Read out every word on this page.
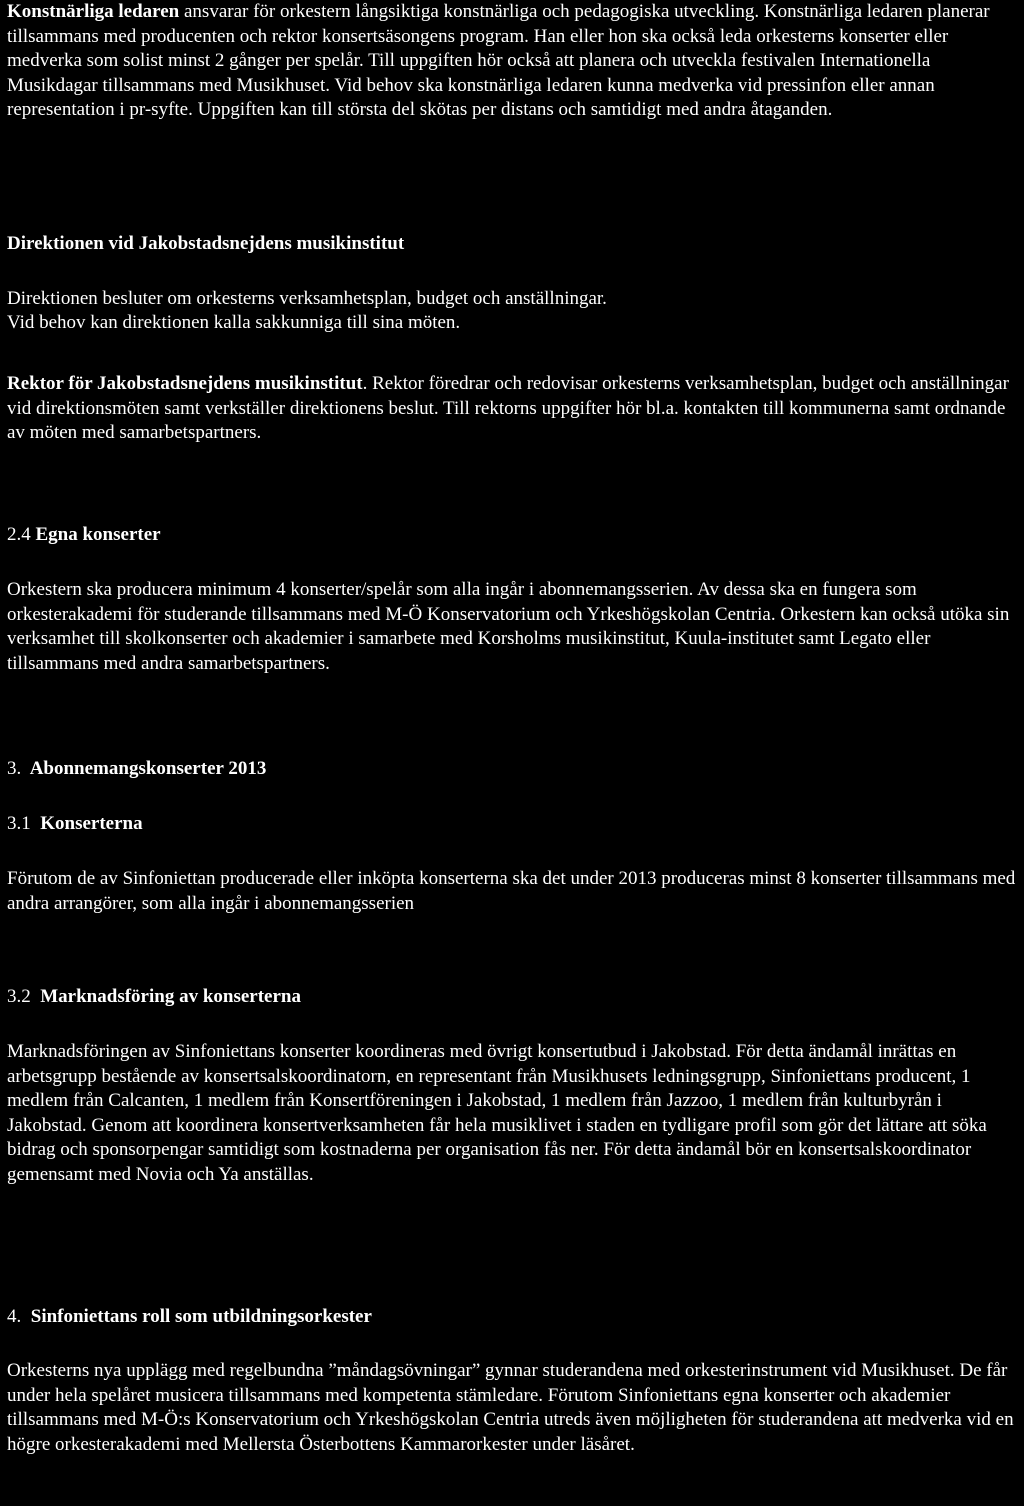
Konstnärliga ledaren ansvarar för orkestern långsiktiga konstnärliga och pedagogiska utveckling. Konstnärliga ledaren planerar tillsammans med producenten och rektor konsertsäsongens program. Han eller hon ska också leda orkesterns konserter eller medverka som solist minst 2 gånger per spelår. Till uppgiften hör också att planera och utveckla festivalen Internationella Musikdagar tillsammans med Musikhuset. Vid behov ska konstnärliga ledaren kunna medverka vid pressinfon eller annan representation i pr-syfte. Uppgiften kan till största del skötas per distans och samtidigt med andra åtaganden.

Direktionen vid Jakobstadsnejdens musikinstitut

Direktionen besluter om orkesterns verksamhetsplan, budget och anställningar.

Vid behov kan direktionen kalla sakkunniga till sina möten.

Rektor för Jakobstadsnejdens musikinstitut. Rektor föredrar och redovisar orkesterns verksamhetsplan, budget och anställningar vid direktionsmöten samt verkställer direktionens beslut. Till rektorns uppgifter hör bl.a. kontakten till kommunerna samt ordnande av möten med samarbetspartners.

2.4 Egna konserter

Orkestern ska producera minimum 4 konserter/spelår som alla ingår i abonnemangsserien. Av dessa ska en fungera som orkesterakademi för studerande tillsammans med M-Ö Konservatorium och Yrkeshögskolan Centria. Orkestern kan också utöka sin verksamhet till skolkonserter och akademier i samarbete med Korsholms musikinstitut, Kuula-institutet samt Legato eller tillsammans med andra samarbetspartners.

3. Abonnemangskonserter 2013

3.1 Konserterna

Förutom de av Sinfoniettan producerade eller inköpta konserterna ska det under 2013 produceras minst 8 konserter tillsammans med andra arrangörer, som alla ingår i abonnemangsserien

3.2 Marknadsföring av konserterna

Marknadsföringen av Sinfoniettans konserter koordineras med övrigt konsertutbud i Jakobstad. För detta ändamål inrättas en arbetsgrupp bestående av konsertsalskoordinatorn, en representant från Musikhusets ledningsgrupp, Sinfoniettans producent, 1 medlem från Calcanten, 1 medlem från Konsertföreningen i Jakobstad, 1 medlem från Jazzoo, 1 medlem från kulturbyrån i Jakobstad. Genom att koordinera konsertverksamheten får hela musiklivet i staden en tydligare profil som gör det lättare att söka bidrag och sponsorpengar samtidigt som kostnaderna per organisation fås ner. För detta ändamål bör en konsertsalskoordinator gemensamt med Novia och Ya anställas.

4. Sinfoniettans roll som utbildningsorkester

Orkesterns nya upplägg med regelbundna ”måndagsövningar” gynnar studerandena med orkesterinstrument vid Musikhuset. De får under hela spelåret musicera tillsammans med kompetenta stämledare. Förutom Sinfoniettans egna konserter och akademier tillsammans med M-Ö:s Konservatorium och Yrkeshögskolan Centria utreds även möjligheten för studerandena att medverka vid en högre orkesterakademi med Mellersta Österbottens Kammarorkester under läsåret.
